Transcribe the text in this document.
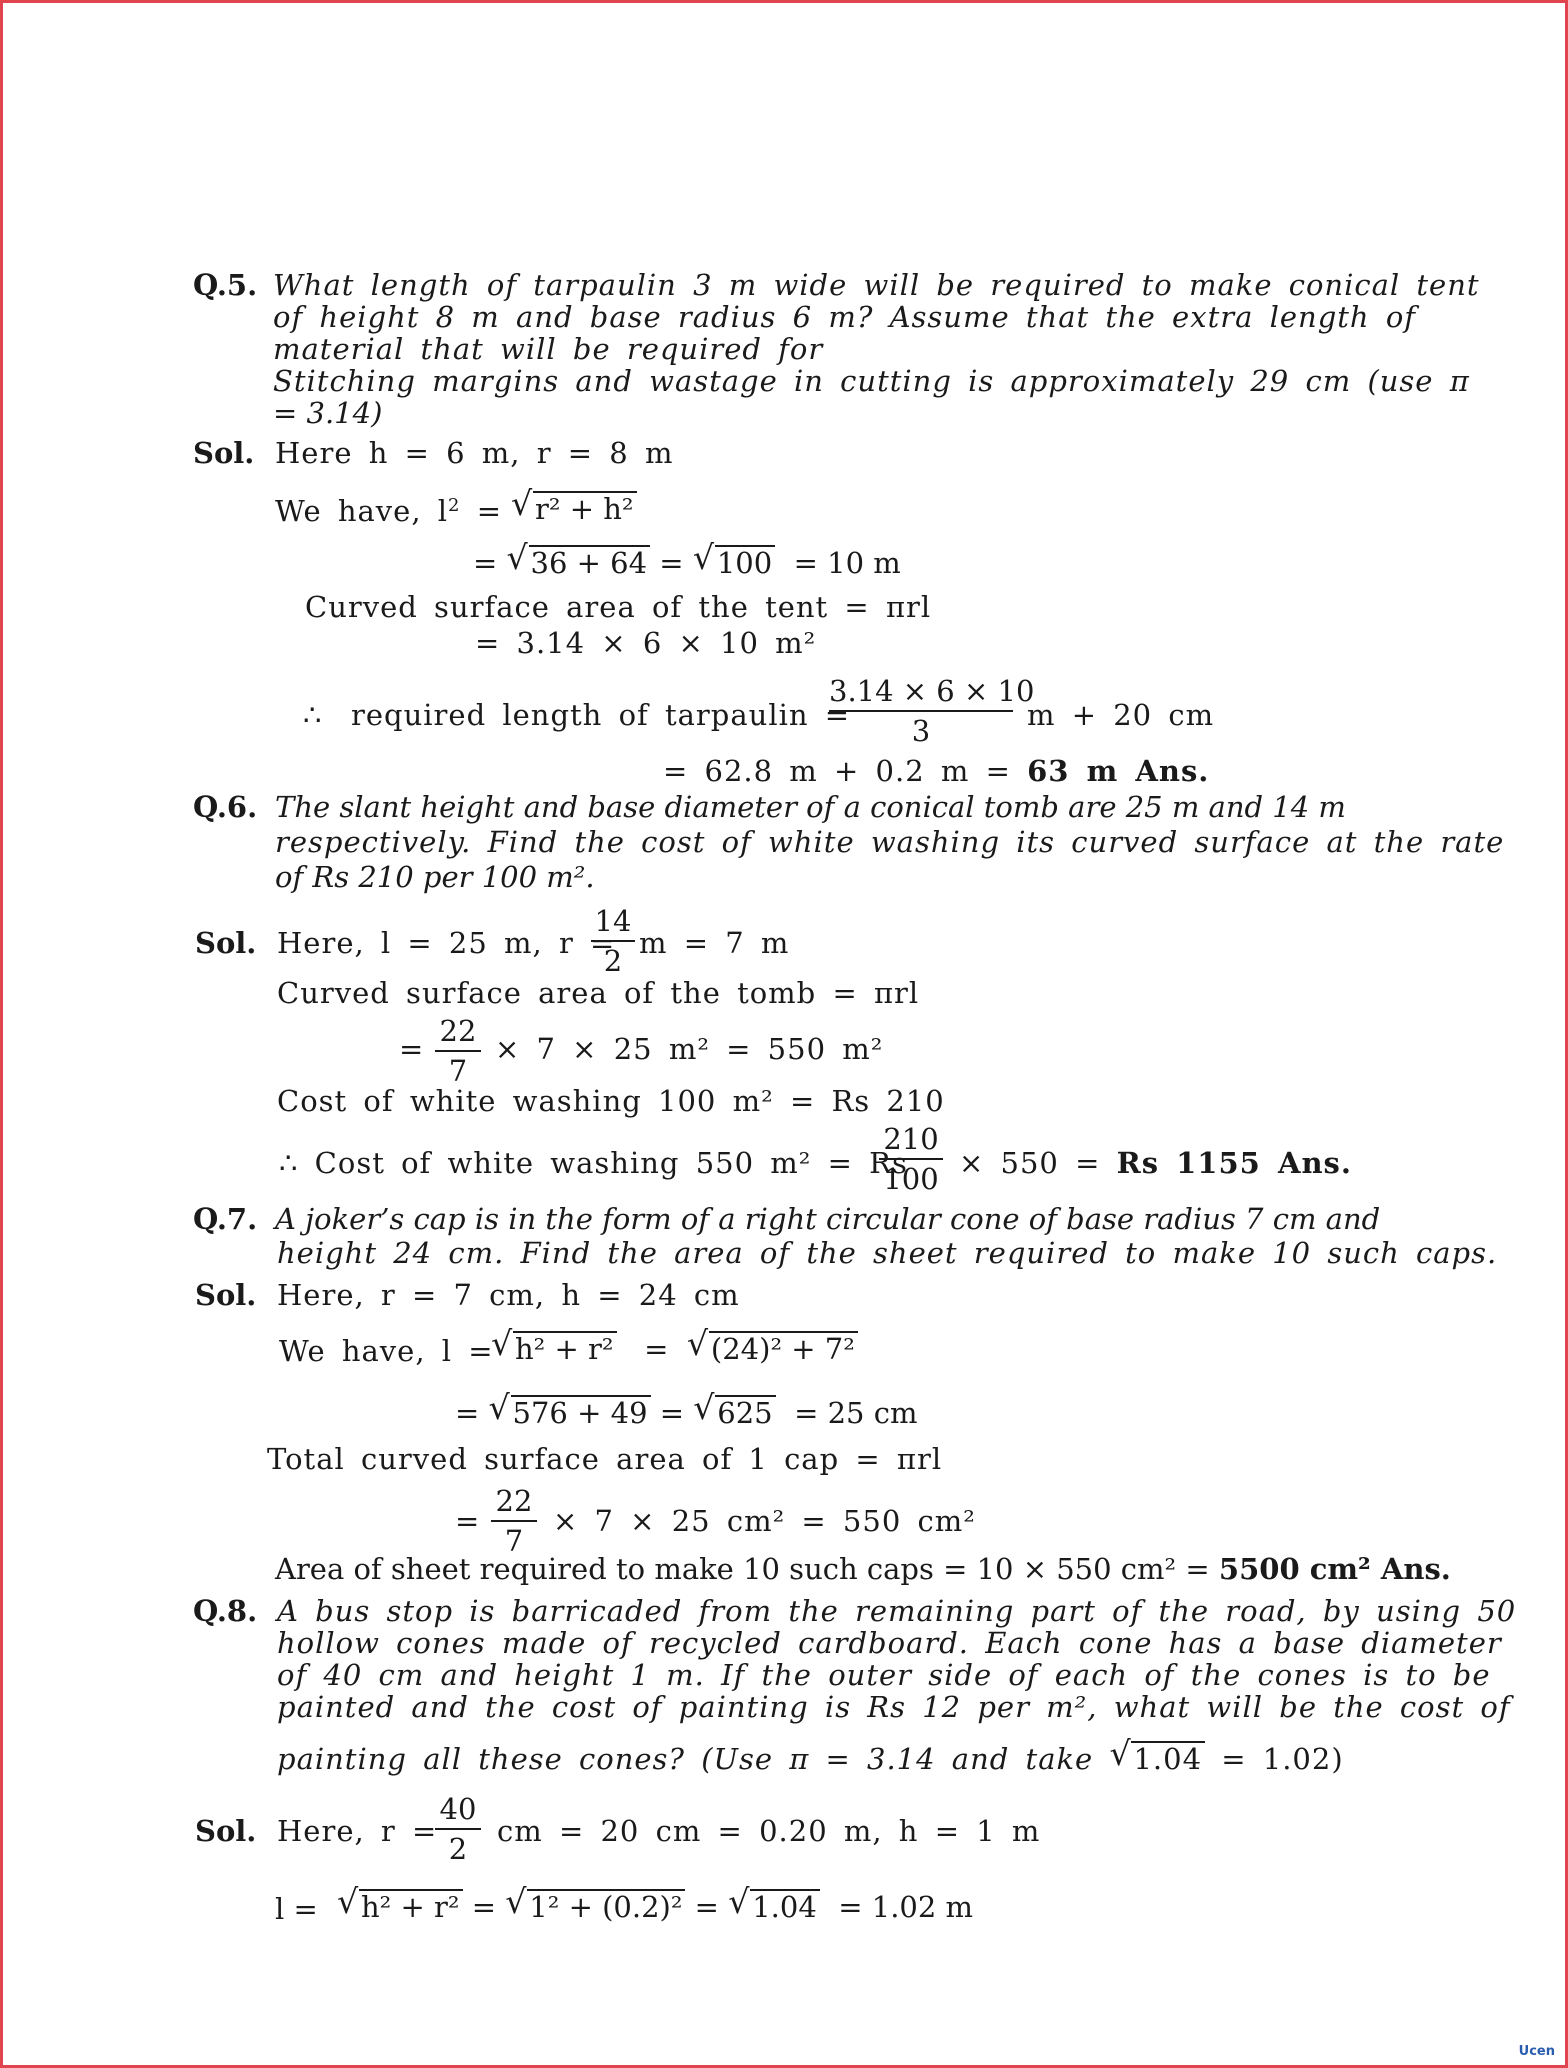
Q.5. What length of tarpaulin 3 m wide will be required to make conical tent
of height 8 m and base radius 6 m? Assume that the extra length of
material that will be required for
Stitching margins and wastage in cutting is approximately 29 cm (use π
= 3.14)
Sol. Here h = 6 m, r = 8 m
We have, $l^2$ = √ r² + h²
= √ 36 + 64 = √ 100 = 10 m
Curved surface area of the tent = πrl
= 3.14 × 6 × 10 m²
∴ required length of tarpaulin =
3.14 × 6 × 10
3	m + 20 cm
= 62.8 m + 0.2 m = 63 m Ans.
Q.6. The slant height and base diameter of a conical tomb are 25 m and 14 m
respectively. Find the cost of white washing its curved surface at the rate
of Rs 210 per 100 m².
Sol. Here, l = 25 m, r =
14
2
m = 7 m
Curved surface area of the tomb = πrl
=
22
7
× 7 × 25 m² = 550 m²
Cost of white washing 100 m² = Rs 210
∴ Cost of white washing 550 m² = Rs
210
100 × 550 = Rs 1155 Ans.
Q.7. A joker’s cap is in the form of a right circular cone of base radius 7 cm and
height 24 cm. Find the area of the sheet required to make 10 such caps.
Sol. Here, r = 7 cm, h = 24 cm
We have, l =
√ h² + r²   = √ (24)² + 7²
= √ 576 + 49 = √ 625 = 25 cm
Total curved surface area of 1 cap = πrl
=
22
7
× 7 × 25 cm² = 550 cm²
Area of sheet required to make 10 such caps = 10 × 550 cm² = 5500 cm² Ans.
Q.8. A bus stop is barricaded from the remaining part of the road, by using 50
hollow cones made of recycled cardboard. Each cone has a base diameter
of 40 cm and height 1 m. If the outer side of each of the cones is to be
painted and the cost of painting is Rs 12 per m², what will be the cost of
painting all these cones? (Use π = 3.14 and take √ 1.04 = 1.02)
Sol. Here, r =
40
2
cm = 20 cm = 0.20 m, h = 1 m
l = √ h² + r² = √ 1² + (0.2)² = √ 1.04 = 1.02 m
Ucen
